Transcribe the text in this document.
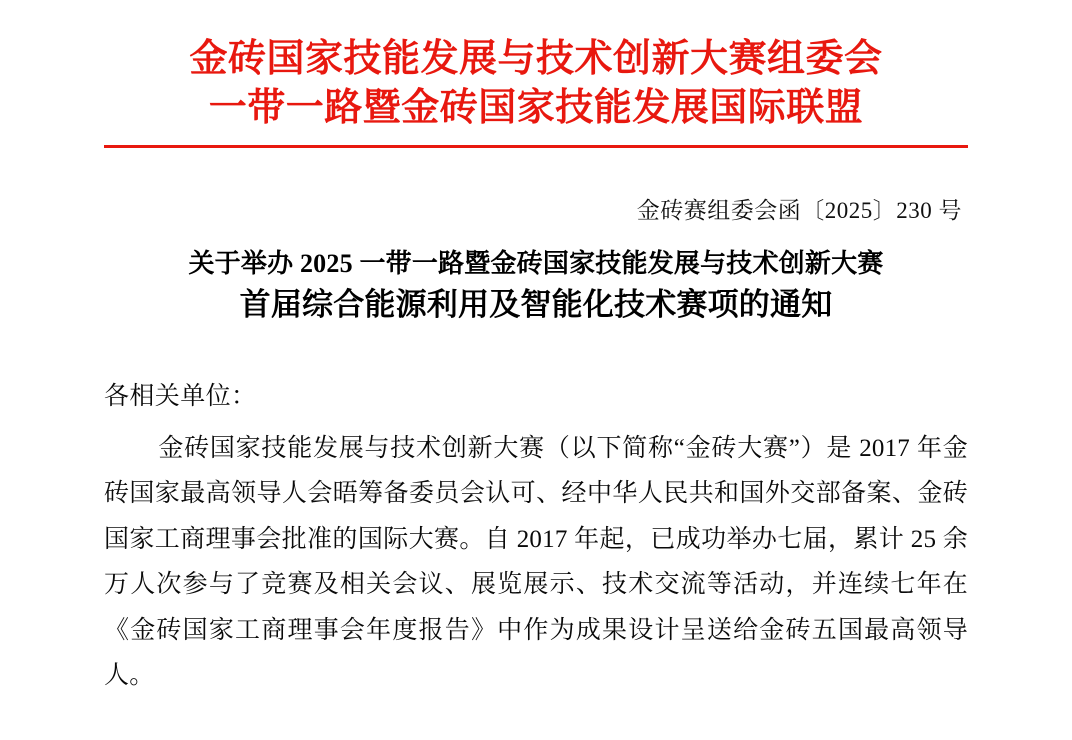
金砖国家技能发展与技术创新大赛组委会
一带一路暨金砖国家技能发展国际联盟
金砖赛组委会函〔2025〕230 号
关于举办 2025 一带一路暨金砖国家技能发展与技术创新大赛
首届综合能源利用及智能化技术赛项的通知
各相关单位：
金砖国家技能发展与技术创新大赛（以下简称“金砖大赛”）是 2017 年金砖国家最高领导人会晤筹备委员会认可、经中华人民共和国外交部备案、金砖国家工商理事会批准的国际大赛。自 2017 年起，已成功举办七届，累计 25 余万人次参与了竞赛及相关会议、展览展示、技术交流等活动，并连续七年在《金砖国家工商理事会年度报告》中作为成果设计呈送给金砖五国最高领导人。
